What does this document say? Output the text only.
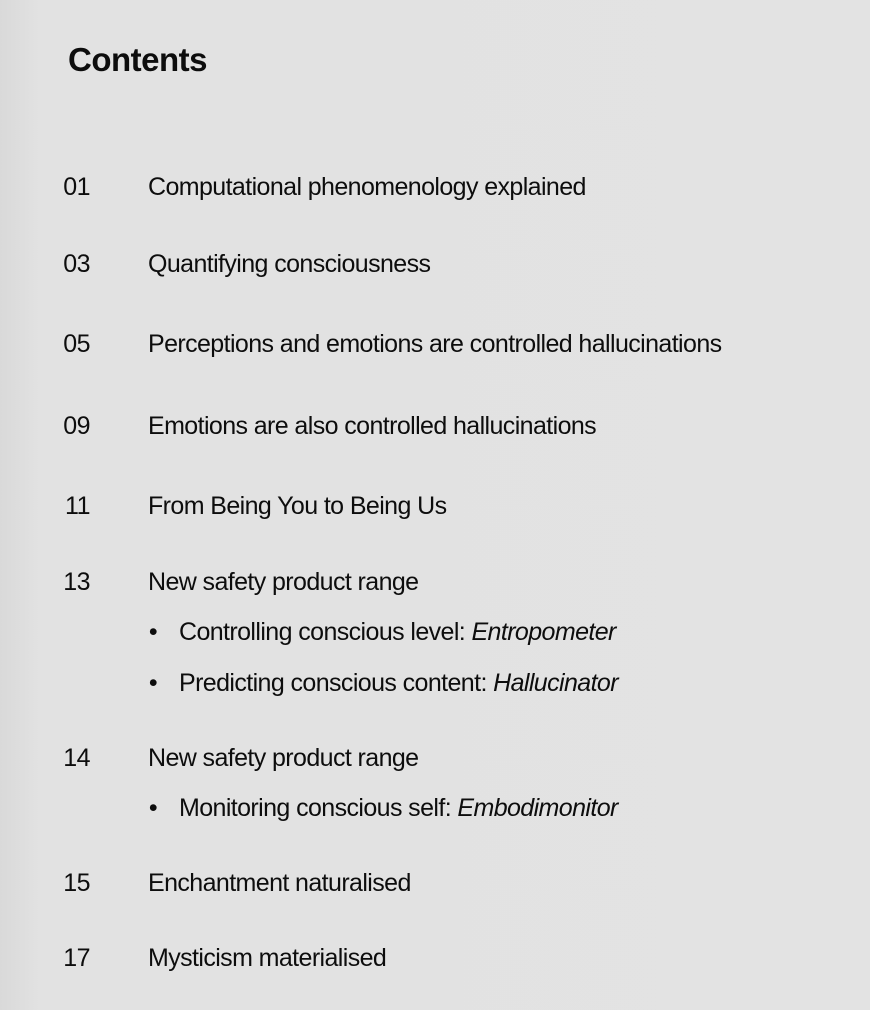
Contents
01 Computational phenomenology explained
03 Quantifying consciousness
05 Perceptions and emotions are controlled hallucinations
09 Emotions are also controlled hallucinations
11 From Being You to Being Us
13 New safety product range
• Controlling conscious level: Entropometer
• Predicting conscious content: Hallucinator
14 New safety product range
• Monitoring conscious self: Embodimonitor
15 Enchantment naturalised
17 Mysticism materialised
